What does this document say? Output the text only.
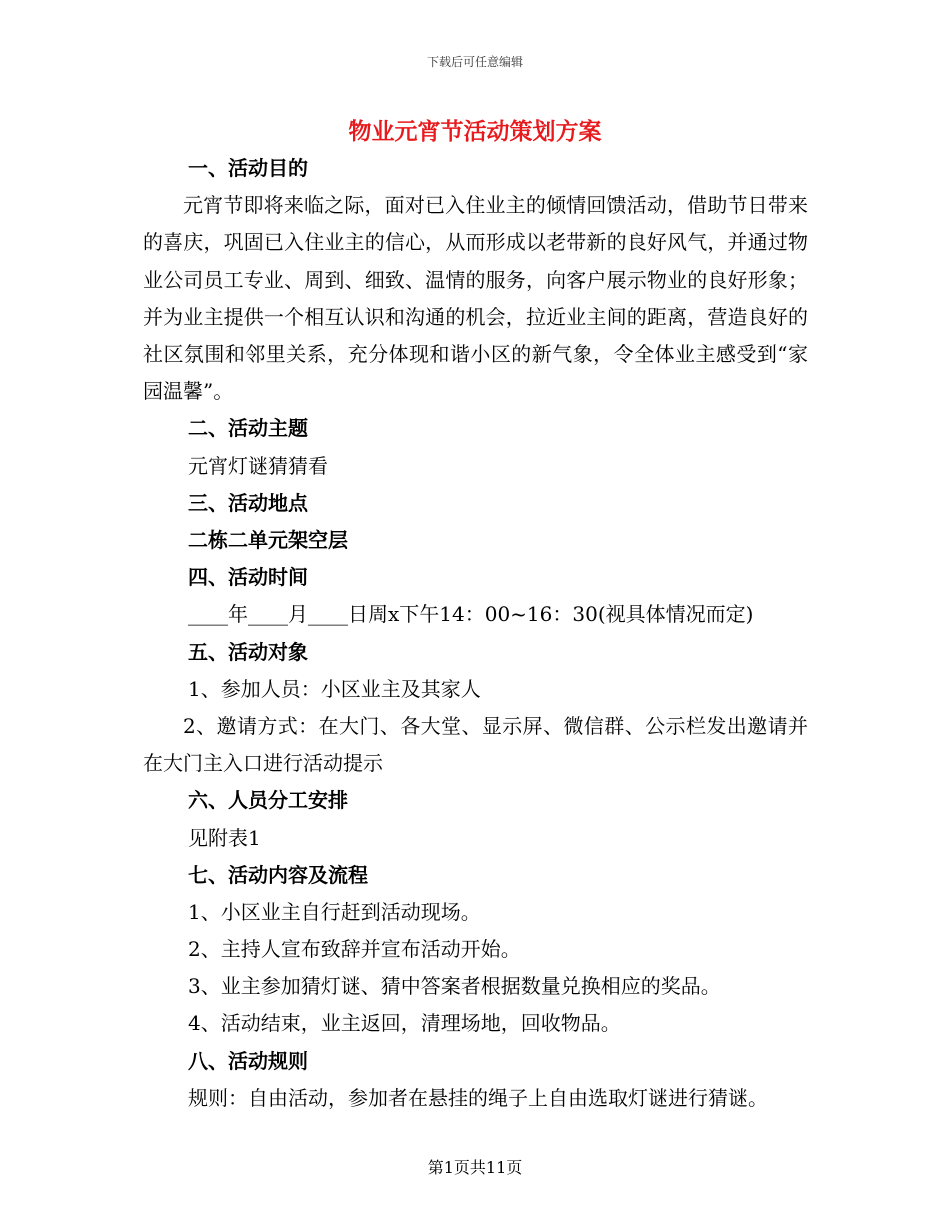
下载后可任意编辑
物业元宵节活动策划方案
一、活动目的
元宵节即将来临之际，面对已入住业主的倾情回馈活动，借助节日带来的喜庆，巩固已入住业主的信心，从而形成以老带新的良好风气，并通过物业公司员工专业、周到、细致、温情的服务，向客户展示物业的良好形象；并为业主提供一个相互认识和沟通的机会，拉近业主间的距离，营造良好的社区氛围和邻里关系，充分体现和谐小区的新气象，令全体业主感受到“家园温馨”。
二、活动主题
元宵灯谜猜猜看
三、活动地点
二栋二单元架空层
四、活动时间
____年____月____日周x下午14：00~16：30(视具体情况而定)
五、活动对象
1、参加人员：小区业主及其家人
2、邀请方式：在大门、各大堂、显示屏、微信群、公示栏发出邀请并在大门主入口进行活动提示
六、人员分工安排
见附表1
七、活动内容及流程
1、小区业主自行赶到活动现场。
2、主持人宣布致辞并宣布活动开始。
3、业主参加猜灯谜、猜中答案者根据数量兑换相应的奖品。
4、活动结束，业主返回，清理场地，回收物品。
八、活动规则
规则：自由活动，参加者在悬挂的绳子上自由选取灯谜进行猜谜。
第1页共11页
